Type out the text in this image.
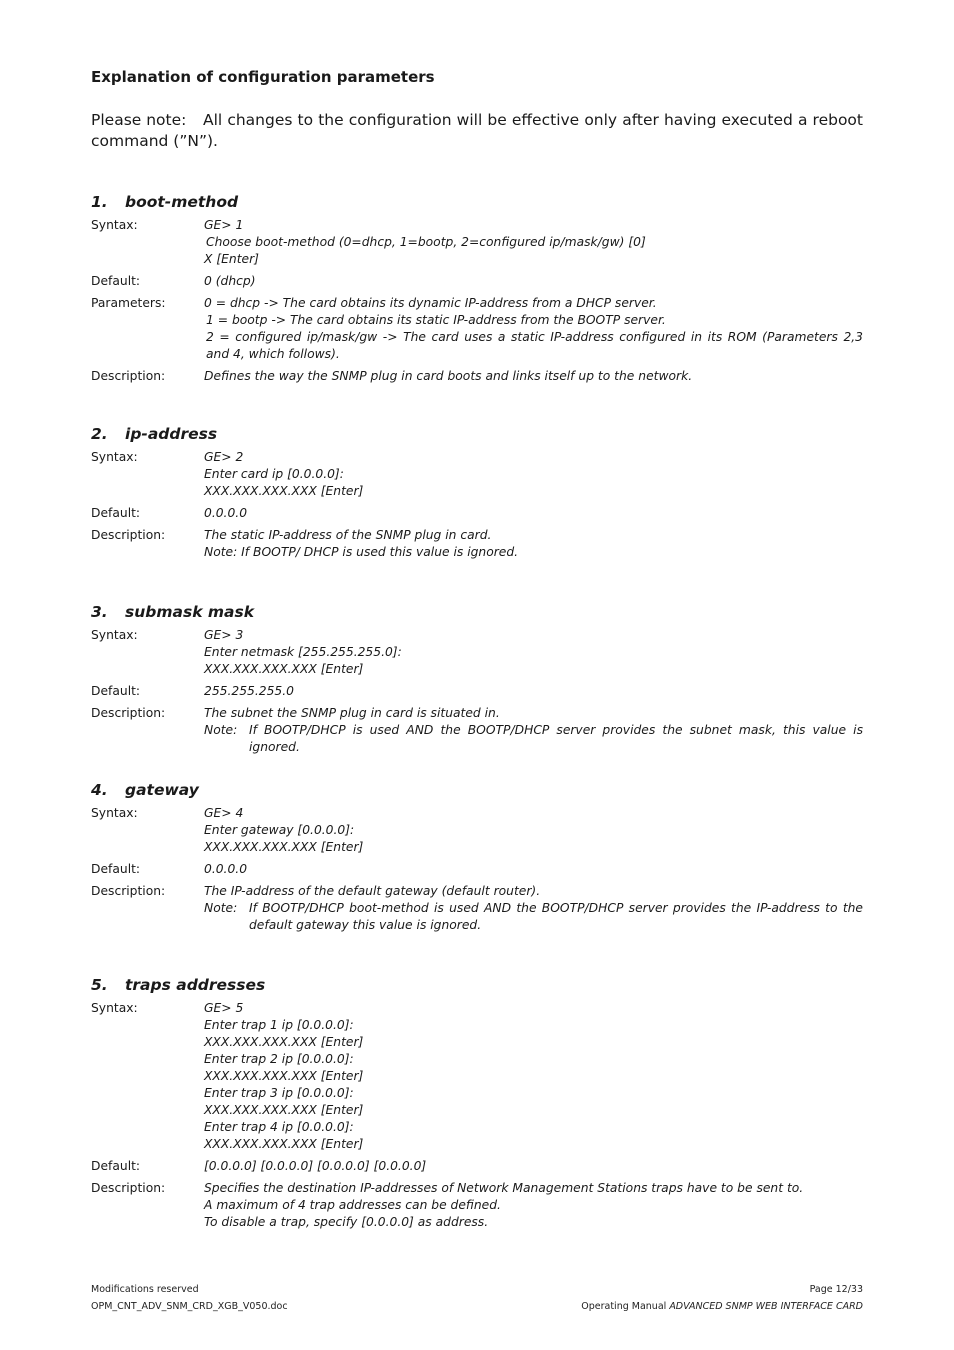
Explanation of configuration parameters

Please note: All changes to the configuration will be effective only after having executed a reboot command (”N”).

1.	boot-method
Syntax:	GE> 1
Choose boot-method (0=dhcp, 1=bootp, 2=configured ip/mask/gw) [0]
X [Enter]
Default:	0 (dhcp)
Parameters:	0 = dhcp -> The card obtains its dynamic IP-address from a DHCP server.
1 = bootp -> The card obtains its static IP-address from the BOOTP server.
2 = configured ip/mask/gw -> The card uses a static IP-address configured in its ROM (Parameters 2,3 and 4, which follows).
Description:	Defines the way the SNMP plug in card boots and links itself up to the network.
2.	ip-address
Syntax:	GE> 2
Enter card ip [0.0.0.0]:
XXX.XXX.XXX.XXX [Enter]
Default:	0.0.0.0
Description:	The static IP-address of the SNMP plug in card.
Note: If BOOTP/ DHCP is used this value is ignored.
3.	submask mask
Syntax:	GE> 3
Enter netmask [255.255.255.0]:
XXX.XXX.XXX.XXX [Enter]
Default:	255.255.255.0
Description:	The subnet the SNMP plug in card is situated in.
Note: If BOOTP/DHCP is used AND the BOOTP/DHCP server provides the subnet mask, this value is ignored.
4.	gateway
Syntax:	GE> 4
Enter gateway [0.0.0.0]:
XXX.XXX.XXX.XXX [Enter]
Default:	0.0.0.0
Description:	The IP-address of the default gateway (default router).
Note: If BOOTP/DHCP boot-method is used AND the BOOTP/DHCP server provides the IP-address to the default gateway this value is ignored.
5.	traps addresses
Syntax:	GE> 5
Enter trap 1 ip [0.0.0.0]:
XXX.XXX.XXX.XXX [Enter]
Enter trap 2 ip [0.0.0.0]:
XXX.XXX.XXX.XXX [Enter]
Enter trap 3 ip [0.0.0.0]:
XXX.XXX.XXX.XXX [Enter]
Enter trap 4 ip [0.0.0.0]:
XXX.XXX.XXX.XXX [Enter]
Default:	[0.0.0.0] [0.0.0.0] [0.0.0.0] [0.0.0.0]
Description:	Specifies the destination IP-addresses of Network Management Stations traps have to be sent to.
A maximum of 4 trap addresses can be defined.
To disable a trap, specify [0.0.0.0] as address.
Modifications reserved	Page 12/33
OPM_CNT_ADV_SNM_CRD_XGB_V050.doc	Operating Manual ADVANCED SNMP WEB INTERFACE CARD
